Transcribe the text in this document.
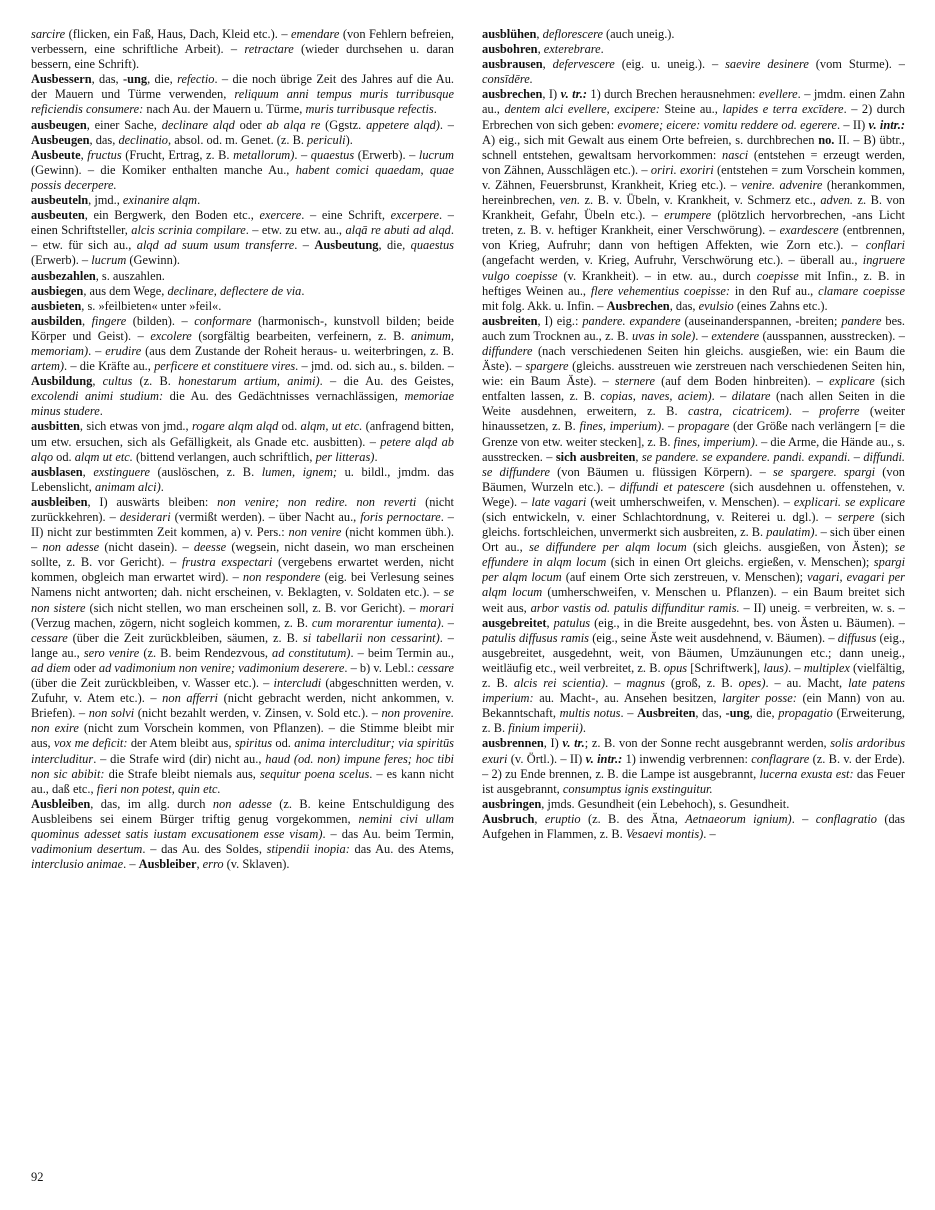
sarcire (flicken, ein Faß, Haus, Dach, Kleid etc.). – emendare (von Fehlern befreien, verbessern, eine schriftliche Arbeit). – retractare (wieder durchsehen u. daran bessern, eine Schrift).

Ausbessern, das, -ung, die, refectio. – die noch übrige Zeit des Jahres auf die Au. der Mauern und Türme verwenden, reliquum anni tempus muris turribusque reficiendis consumere: nach Au. der Mauern u. Türme, muris turribusque refectis.

ausbeugen, einer Sache, declinare alqd oder ab alqa re (Ggstz. appetere alqd). – Ausbeugen, das, declinatio, absol. od. m. Genet. (z. B. periculi).

Ausbeute, fructus (Frucht, Ertrag, z. B. metallorum). – quaestus (Erwerb). – lucrum (Gewinn). – die Komiker enthalten manche Au., habent comici quaedam, quae possis decerpere.

ausbeuteln, jmd., exinanire alqm.

ausbeuten, ein Bergwerk, den Boden etc., exercere. – eine Schrift, excerpere. – einen Schriftsteller, alcis scrinia compilare. – etw. zu etw. au., alqā re abuti ad alqd. – etw. für sich au., alqd ad suum usum transferre. – Ausbeutung, die, quaestus (Erwerb). – lucrum (Gewinn).

ausbezahlen, s. auszahlen.

ausbiegen, aus dem Wege, declinare, deflectere de via.

ausbieten, s. »feilbieten« unter »feil«.

ausbilden, fingere (bilden). – conformare (harmonisch-, kunstvoll bilden; beide Körper und Geist). – excolere (sorgfältig bearbeiten, verfeinern, z. B. animum, memoriam). – erudire (aus dem Zustande der Roheit heraus- u. weiterbringen, z. B. artem). – die Kräfte au., perficere et constituere vires. – jmd. od. sich au., s. bilden. – Ausbildung, cultus (z. B. honestarum artium, animi). – die Au. des Geistes, excolendi animi studium: die Au. des Gedächtnisses vernachlässigen, memoriae minus studere.

ausbitten, sich etwas von jmd., rogare alqm alqd od. alqm, ut etc. (anfragend bitten, um etw. ersuchen, sich als Gefälligkeit, als Gnade etc. ausbitten). – petere alqd ab alqo od. alqm ut etc. (bittend verlangen, auch schriftlich, per litteras).

ausblasen, exstinguere (auslöschen, z. B. lumen, ignem; u. bildl., jmdm. das Lebenslicht, animam alci).

ausbleiben, I) auswärts bleiben: non venire; non redire. non reverti (nicht zurückkehren). – desiderari (vermißt werden). – über Nacht au., foris pernoctare. – II) nicht zur bestimmten Zeit kommen, a) v. Pers.: non venire (nicht kommen übh.). – non adesse (nicht dasein). – deesse (wegsein, nicht dasein, wo man erscheinen sollte, z. B. vor Gericht). – frustra exspectari (vergebens erwartet werden, nicht kommen, obgleich man erwartet wird). – non respondere (eig. bei Verlesung seines Namens nicht antworten; dah. nicht erscheinen, v. Beklagten, v. Soldaten etc.). – se non sistere (sich nicht stellen, wo man erscheinen soll, z. B. vor Gericht). – morari (Verzug machen, zögern, nicht sogleich kommen, z. B. cum morarentur iumenta). – cessare (über die Zeit zurückbleiben, säumen, z. B. si tabellarii non cessarint). – lange au., sero venire (z. B. beim Rendezvous, ad constitutum). – beim Termin au., ad diem oder ad vadimonium non venire; vadimonium deserere. – b) v. Lebl.: cessare (über die Zeit zurückbleiben, v. Wasser etc.). – intercludi (abgeschnitten werden, v. Zufuhr, v. Atem etc.). – non afferri (nicht gebracht werden, nicht ankommen, v. Briefen). – non solvi (nicht bezahlt werden, v. Zinsen, v. Sold etc.). – non provenire. non exire (nicht zum Vorschein kommen, von Pflanzen). – die Stimme bleibt mir aus, vox me deficit: der Atem bleibt aus, spiritus od. anima intercluditur; via spiritūs intercluditur. – die Strafe wird (dir) nicht au., haud (od. non) impune feres; hoc tibi non sic abibit: die Strafe bleibt niemals aus, sequitur poena scelus. – es kann nicht au., daß etc., fieri non potest, quin etc.

Ausbleiben, das, im allg. durch non adesse (z. B. keine Entschuldigung des Ausbleibens sei einem Bürger triftig genug vorgekommen, nemini civi ullam quominus adesset satis iustam excusationem esse visam). – das Au. beim Termin, vadimonium desertum. – das Au. des Soldes, stipendii inopia: das Au. des Atems, interclusio animae. – Ausbleiber, erro (v. Sklaven).

ausblühen, deflorescere (auch uneig.).

ausbohren, exterebrare.

ausbrausen, defervescere (eig. u. uneig.). – saevire desinere (vom Sturme). – consīdēre.

ausbrechen, I) v. tr.: 1) durch Brechen herausnehmen: evellere. – jmdm. einen Zahn au., dentem alci evellere, excipere: Steine au., lapides e terra excīdere. – 2) durch Erbrechen von sich geben: evomere; eicere: vomitu reddere od. egerere. – II) v. intr.: A) eig., sich mit Gewalt aus einem Orte befreien, s. durchbrechen no. II. – B) übtr., schnell entstehen, gewaltsam hervorkommen: nasci (entstehen = erzeugt werden, von Zähnen, Ausschlägen etc.). – oriri. exoriri (entstehen = zum Vorschein kommen, v. Zähnen, Feuersbrunst, Krankheit, Krieg etc.). – venire. advenire (herankommen, hereinbrechen, ven. z. B. v. Übeln, v. Krankheit, v. Schmerz etc., adven. z. B. von Krankheit, Gefahr, Übeln etc.). – erumpere (plötzlich hervorbrechen, -ans Licht treten, z. B. v. heftiger Krankheit, einer Verschwörung). – exardescere (entbrennen, von Krieg, Aufruhr; dann von heftigen Affekten, wie Zorn etc.). – conflari (angefacht werden, v. Krieg, Aufruhr, Verschwörung etc.). – überall au., ingruere vulgo coepisse (v. Krankheit). – in etw. au., durch coepisse mit Infin., z. B. in heftiges Weinen au., flere vehementius coepisse: in den Ruf au., clamare coepisse mit folg. Akk. u. Infin. – Ausbrechen, das, evulsio (eines Zahns etc.).

ausbreiten, I) eig.: pandere. expandere (auseinanderspannen, -breiten; pandere bes. auch zum Trocknen au., z. B. uvas in sole). – extendere (ausspannen, ausstrecken). – diffundere (nach verschiedenen Seiten hin gleichs. ausgießen, wie: ein Baum die Äste). – spargere (gleichs. ausstreuen wie zerstreuen nach verschiedenen Seiten hin, wie: ein Baum Äste). – sternere (auf dem Boden hinbreiten). – explicare (sich entfalten lassen, z. B. copias, naves, aciem). – dilatare (nach allen Seiten in die Weite ausdehnen, erweitern, z. B. castra, cicatricem). – proferre (weiter hinaussetzen, z. B. fines, imperium). – propagare (der Größe nach verlängern [= die Grenze von etw. weiter stecken], z. B. fines, imperium). – die Arme, die Hände au., s. ausstrecken. – sich ausbreiten, se pandere. se expandere. pandi. expandi. – diffundi. se diffundere (von Bäumen u. flüssigen Körpern). – se spargere. spargi (von Bäumen, Wurzeln etc.). – diffundi et patescere (sich ausdehnen u. offenstehen, v. Wege). – late vagari (weit umherschweifen, v. Menschen). – explicari. se explicare (sich entwickeln, v. einer Schlachtordnung, v. Reiterei u. dgl.). – serpere (sich gleichs. fortschleichen, unvermerkt sich ausbreiten, z. B. paulatim). – sich über einen Ort au., se diffundere per alqm locum (sich gleichs. ausgießen, von Ästen); se effundere in alqm locum (sich in einen Ort gleichs. ergießen, v. Menschen); spargi per alqm locum (auf einem Orte sich zerstreuen, v. Menschen); vagari, evagari per alqm locum (umherschweifen, v. Menschen u. Pflanzen). – ein Baum breitet sich weit aus, arbor vastis od. patulis diffunditur ramis. – II) uneig. = verbreiten, w. s. – ausgebreitet, patulus (eig., in die Breite ausgedehnt, bes. von Ästen u. Bäumen). – patulis diffusus ramis (eig., seine Äste weit ausdehnend, v. Bäumen). – diffusus (eig., ausgebreitet, ausgedehnt, weit, von Bäumen, Umzäunungen etc.; dann uneig., weitläufig etc., weil verbreitet, z. B. opus [Schriftwerk], laus). – multiplex (vielfältig, z. B. alcis rei scientia). – magnus (groß, z. B. opes). – au. Macht, late patens imperium: au. Macht-, au. Ansehen besitzen, largiter posse: (ein Mann) von au. Bekanntschaft, multis notus. – Ausbreiten, das, -ung, die, propagatio (Erweiterung, z. B. finium imperii).

ausbrennen, I) v. tr.; z. B. von der Sonne recht ausgebrannt werden, solis ardoribus exuri (v. Örtl.). – II) v. intr.: 1) inwendig verbrennen: conflagrare (z. B. v. der Erde). – 2) zu Ende brennen, z. B. die Lampe ist ausgebrannt, lucerna exusta est: das Feuer ist ausgebrannt, consumptus ignis exstinguitur.

ausbringen, jmds. Gesundheit (ein Lebehoch), s. Gesundheit.

Ausbruch, eruptio (z. B. des Ätna, Aetnaeorum ignium). – conflagratio (das Aufgehen in Flammen, z. B. Vesaevi montis). –

92
